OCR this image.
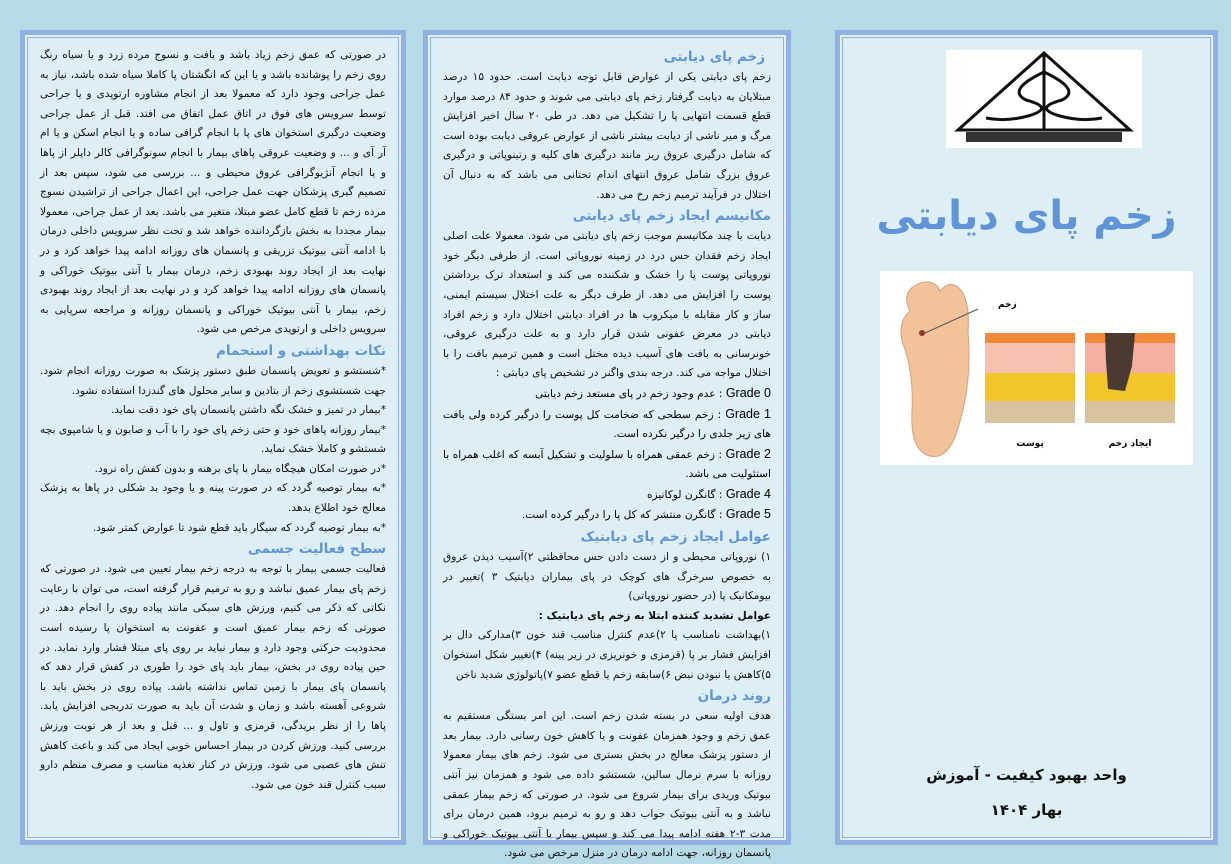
در صورتی که عمق زخم زیاد باشد و بافت و نسوج مرده زرد و یا سیاه رنگ روی زخم را پوشانده باشد و یا این که انگشتان پا کاملا سیاه شده باشد، نیاز به عمل جراحی وجود دارد که معمولا بعد از انجام مشاوره ارتوپدی و یا جراحی توسط سرویس های فوق در اتاق عمل اتفاق می افتد. قبل از عمل جراحی وضعیت درگیری استخوان های پا با انجام گرافی ساده و یا انجام اسکن و یا ام آر آی و ... و وضعیت عروقی پاهای بیمار با انجام سونوگرافی کالر داپلر از پاها و یا انجام آنژیوگرافی عروق محیطی و ... بررسی می شود، سپس بعد از تصمیم گیری پزشکان جهت عمل جراحی، این اعمال جراحی از تراشیدن نسوج مرده زخم تا قطع کامل عضو مبتلا، متغیر می باشد. بعد از عمل جراحی، معمولا بیمار مجددا به بخش بازگرداننده خواهد شد و تحت نظر سرویس داخلی درمان با ادامه آنتی بیوتیک تزریقی و پانسمان های روزانه ادامه پیدا خواهد کرد و در نهایت بعد از ایجاد روند بهبودی زخم، درمان بیمار با آنتی بیوتیک خوراکی و پانسمان های روزانه ادامه پیدا خواهد کرد و در نهایت بعد از ایجاد روند بهبودی زخم، بیمار با آنتی بیوتیک خوراکی و پانسمان روزانه و مراجعه سرپایی به سرویس داخلی و ارتوپدی مرخص می شود.

نکات بهداشتی و استحمام
*شستشو و تعویض پانسمان طبق دستور پزشک به صورت روزانه انجام شود. جهت شستشوی زخم از بتادین و سایر محلول های گندزدا استفاده نشود.
*بیمار در تمیز و خشک نگه داشتن پانسمان پای خود دقت نماید.
*بیمار روزانه پاهای خود و حتی زخم پای خود را با آب و صابون و یا شامپوی بچه شستشو و کاملا خشک نماید.
*در صورت امکان هیچگاه بیمار با پای برهنه و بدون کفش راه نرود.
*به بیمار توصیه گردد که در صورت پینه و یا وجود بد شکلی در پاها به پزشک معالج خود اطلاع بدهد.
*به بیمار توصیه گردد که سیگار باید قطع شود تا عوارض کمتر شود.
سطح فعالیت جسمی

فعالیت جسمی بیمار با توجه به درجه زخم بیمار تعیین می شود. در صورتی که زخم پای بیمار عمیق نباشد و رو به ترمیم قرار گرفته است، می توان با رعایت نکاتی که ذکر می کنیم، ورزش های سبکی مانند پیاده روی را انجام دهد. در صورتی که زخم بیمار عمیق است و عفونت به استخوان پا رسیده است محدودیت حرکتی وجود دارد و بیمار نباید بر روی پای مبتلا فشار وارد نماید. در حین پیاده روی در بخش، بیمار باید پای خود را طوری در کفش قرار دهد که پانسمان پای بیمار با زمین تماس نداشته باشد. پیاده روی در بخش باید با شروعی آهسته باشد و زمان و شدت آن باید به صورت تدریجی افزایش یابد. پاها را از نظر بریدگی، قرمزی و تاول و ... قبل و بعد از هر نوبت ورزش بررسی کنید. ورزش کردن در بیمار احساس خوبی ایجاد می کند و باعث کاهش تنش های عصبی می شود. ورزش در کنار تغذیه مناسب و مصرف منظم دارو سبب کنترل قند خون می شود.

زخم پای دیابتی

زخم پای دیابتی یکی از عوارض قابل توجه دیابت است. حدود ۱۵ درصد مبتلایان به دیابت گرفتار زخم پای دیابتی می شوند و حدود ۸۴ درصد موارد قطع قسمت انتهایی پا را تشکیل می دهد. در طی ۲۰ سال اخیر افزایش مرگ و میر ناشی از دیابت بیشتر ناشی از عوارض عروقی دیابت بوده است که شامل درگیری عروق ریز مانند درگیری های کلیه و رتینوپاتی و درگیری عروق بزرگ شامل عروق انتهای اندام تحتانی می باشد که به دنبال آن اختلال در فرآیند ترمیم زخم رخ می دهد.

مکانیسم ایجاد زخم پای دیابتی

دیابت با چند مکانیسم موجب زخم پای دیابتی می شود. معمولا علت اصلی ایجاد زخم فقدان حس درد در زمینه نوروپاتی است. از طرفی دیگر خود نوروپاتی پوست پا را خشک و شکننده می کند و استعداد ترک برداشتن پوست را افزایش می دهد. از طرف دیگر به علت اختلال سیستم ایمنی، ساز و کار مقابله با میکروب ها در افراد دیابتی اختلال دارد و زخم افراد دیابتی در معرض عفونی شدن قرار دارد و به علت درگیری عروقی، خونرسانی به بافت های آسیب دیده مختل است و همین ترمیم بافت را با اختلال مواجه می کند. درجه بندی واگنر در تشخیص پای دیابتی :

Grade 0 : عدم وجود زخم در پای مستعد زخم دیابتی
Grade 1 : زخم سطحی که ضخامت کل پوست را درگیر کرده ولی بافت های زیر جلدی را درگیر نکرده است.
Grade 2 : زخم عمقی همراه با سلولیت و تشکیل آبسه که اغلب همراه با استئولیت می باشد.
Grade 4 : گانگرن لوکانیزه
Grade 5 : گانگرن منتشر که کل پا را درگیر کرده است.
عوامل ایجاد زخم پای دیابتیک

۱) نوروپاتی محیطی و از دست دادن حس محافظتی ۲)آسیب دیدن عروق به خصوص سرخرگ های کوچک در پای بیماران دیابتیک ۳ )تغییر در بیومکانیک پا (در حضور نوروپاتی)

عوامل تشدید کننده ابتلا به زخم پای دیابتیک :

۱)بهداشت نامناسب پا ۲)عدم کنترل مناسب قند خون ۳)مدارکی دال بر افزایش فشار بر پا (قرمزی و خونریزی در زیر پینه) ۴)تغییر شکل استخوان ۵)کاهش یا نبودن نبض ۶)سابقه زخم یا قطع عضو ۷)پاتولوژی شدید ناخن

روند درمان

هدف اولیه سعی در بسته شدن زخم است. این امر بستگی مستقیم به عمق زخم و وجود همزمان عفونت و یا کاهش خون رسانی دارد. بیمار بعد از دستور پزشک معالج در بخش بستری می شود. زخم های بیمار معمولا روزانه با سرم نرمال سالین، شستشو داده می شود و همزمان نیز آنتی بیوتیک وریدی برای بیمار شروع می شود. در صورتی که زخم بیمار عمقی نباشد و به آنتی بیوتیک جواب دهد و رو به ترمیم برود، همین درمان برای مدت ۳-۲ هفته ادامه پیدا می کند و سپس بیمار با آنتی بیوتیک خوراکی و پانسمان روزانه، جهت ادامه درمان در منزل مرخص می شود.

زخم پای دیابتی
زخم
پوست	ایجاد زخم
واحد بهبود کیفیت - آموزش
بهار ۱۴۰۴
